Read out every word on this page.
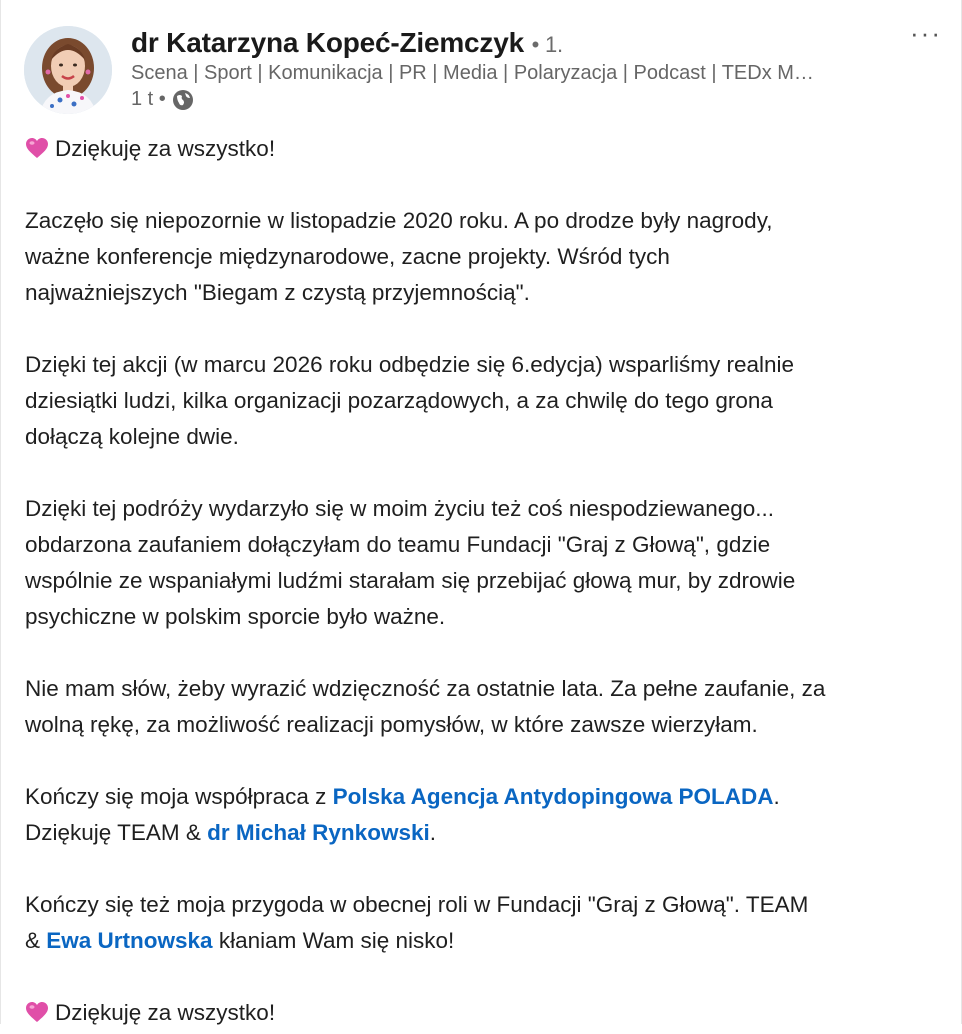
dr Katarzyna Kopeć-Ziemczyk • 1.
Scena | Sport | Komunikacja | PR | Media | Polaryzacja | Podcast | TEDx M…
1 t •
···

Dziękuję za wszystko!

Zaczęło się niepozornie w listopadzie 2020 roku. A po drodze były nagrody,
ważne konferencje międzynarodowe, zacne projekty. Wśród tych
najważniejszych "Biegam z czystą przyjemnością".

Dzięki tej akcji (w marcu 2026 roku odbędzie się 6.edycja) wsparliśmy realnie
dziesiątki ludzi, kilka organizacji pozarządowych, a za chwilę do tego grona
dołączą kolejne dwie.

Dzięki tej podróży wydarzyło się w moim życiu też coś niespodziewanego...
obdarzona zaufaniem dołączyłam do teamu Fundacji "Graj z Głową", gdzie
wspólnie ze wspaniałymi ludźmi starałam się przebijać głową mur, by zdrowie
psychiczne w polskim sporcie było ważne.

Nie mam słów, żeby wyrazić wdzięczność za ostatnie lata. Za pełne zaufanie, za
wolną rękę, za możliwość realizacji pomysłów, w które zawsze wierzyłam.

Kończy się moja współpraca z Polska Agencja Antydopingowa POLADA.
Dziękuję TEAM & dr Michał Rynkowski.

Kończy się też moja przygoda w obecnej roli w Fundacji "Graj z Głową". TEAM
& Ewa Urtnowska kłaniam Wam się nisko!

Dziękuję za wszystko!
